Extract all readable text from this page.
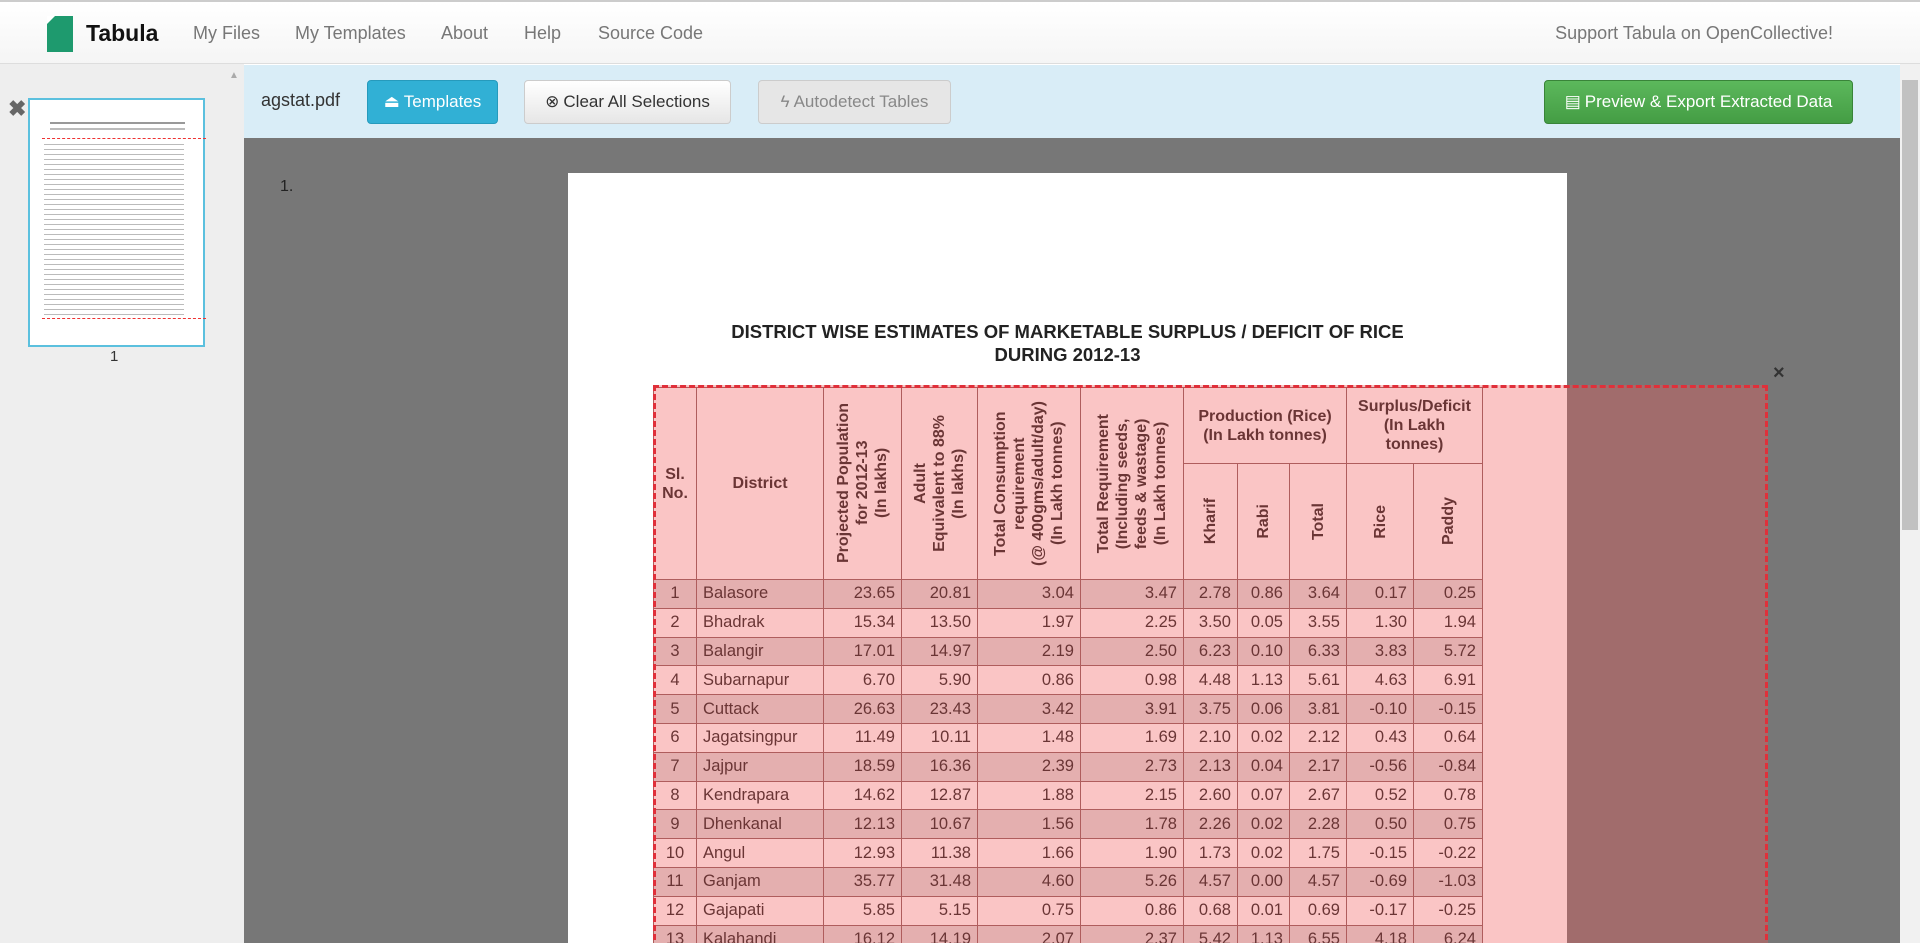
Tabula My Files My Templates About Help Source Code	Support Tabula on OpenCollective!
▲
✖
1
agstat.pdf	⏏ Templates	⊗ Clear All Selections	ϟ Autodetect Tables	▤ Preview & Export Extracted Data
1.
DISTRICT WISE ESTIMATES OF MARKETABLE SURPLUS / DEFICIT OF RICE
DURING 2012-13
Sl.
No.	District	Projected Population
for 2012-13
(In lakhs)	Adult
Equivalent to 88%
(In lakhs)	Total Consumption
requirement
(@ 400gms/adult/day)
(In Lakh tonnes)	Total Requirement
(Including seeds,
feeds & wastage)
(In Lakh tonnes)	Production (Rice)
(In Lakh tonnes)			Surplus/Deficit
(In Lakh
tonnes)	

						Kharif	Rabi	Total	Rice	Paddy

1	Balasore	23.65	20.81	3.04	3.47	2.78	0.86	3.64	0.17	0.25
2	Bhadrak	15.34	13.50	1.97	2.25	3.50	0.05	3.55	1.30	1.94
3	Balangir	17.01	14.97	2.19	2.50	6.23	0.10	6.33	3.83	5.72
4	Subarnapur	6.70	5.90	0.86	0.98	4.48	1.13	5.61	4.63	6.91
5	Cuttack	26.63	23.43	3.42	3.91	3.75	0.06	3.81	-0.10	-0.15
6	Jagatsingpur	11.49	10.11	1.48	1.69	2.10	0.02	2.12	0.43	0.64
7	Jajpur	18.59	16.36	2.39	2.73	2.13	0.04	2.17	-0.56	-0.84
8	Kendrapara	14.62	12.87	1.88	2.15	2.60	0.07	2.67	0.52	0.78
9	Dhenkanal	12.13	10.67	1.56	1.78	2.26	0.02	2.28	0.50	0.75
10	Angul	12.93	11.38	1.66	1.90	1.73	0.02	1.75	-0.15	-0.22
11	Ganjam	35.77	31.48	4.60	5.26	4.57	0.00	4.57	-0.69	-1.03
12	Gajapati	5.85	5.15	0.75	0.86	0.68	0.01	0.69	-0.17	-0.25
13	Kalahandi	16.12	14.19	2.07	2.37	5.42	1.13	6.55	4.18	6.24
×
